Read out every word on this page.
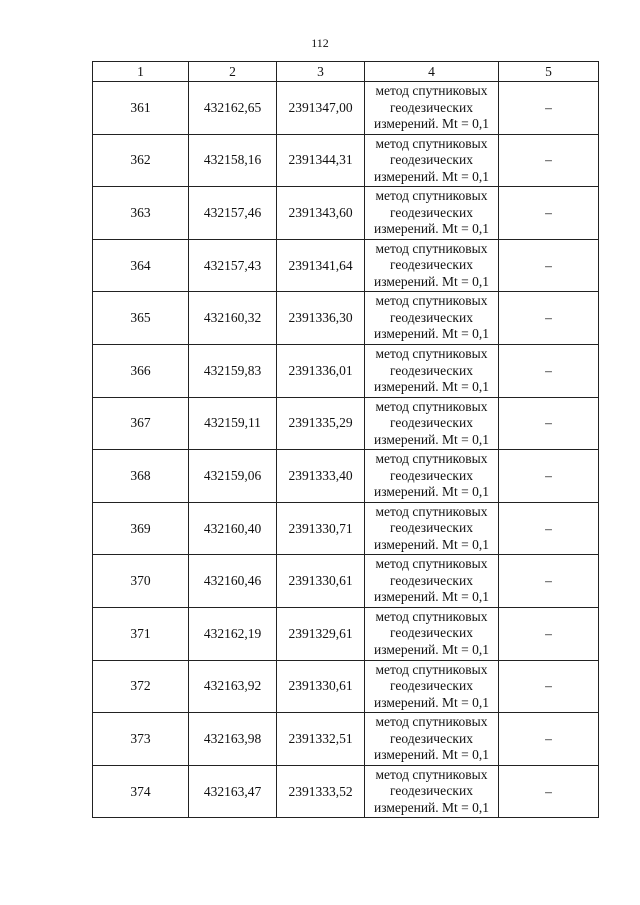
112
1	2	3	4	5
361	432162,65	2391347,00	метод спутниковых
геодезических
измерений. Mt = 0,1	–
362	432158,16	2391344,31	метод спутниковых
геодезических
измерений. Mt = 0,1	–
363	432157,46	2391343,60	метод спутниковых
геодезических
измерений. Mt = 0,1	–
364	432157,43	2391341,64	метод спутниковых
геодезических
измерений. Mt = 0,1	–
365	432160,32	2391336,30	метод спутниковых
геодезических
измерений. Mt = 0,1	–
366	432159,83	2391336,01	метод спутниковых
геодезических
измерений. Mt = 0,1	–
367	432159,11	2391335,29	метод спутниковых
геодезических
измерений. Mt = 0,1	–
368	432159,06	2391333,40	метод спутниковых
геодезических
измерений. Mt = 0,1	–
369	432160,40	2391330,71	метод спутниковых
геодезических
измерений. Mt = 0,1	–
370	432160,46	2391330,61	метод спутниковых
геодезических
измерений. Mt = 0,1	–
371	432162,19	2391329,61	метод спутниковых
геодезических
измерений. Mt = 0,1	–
372	432163,92	2391330,61	метод спутниковых
геодезических
измерений. Mt = 0,1	–
373	432163,98	2391332,51	метод спутниковых
геодезических
измерений. Mt = 0,1	–
374	432163,47	2391333,52	метод спутниковых
геодезических
измерений. Mt = 0,1	–
